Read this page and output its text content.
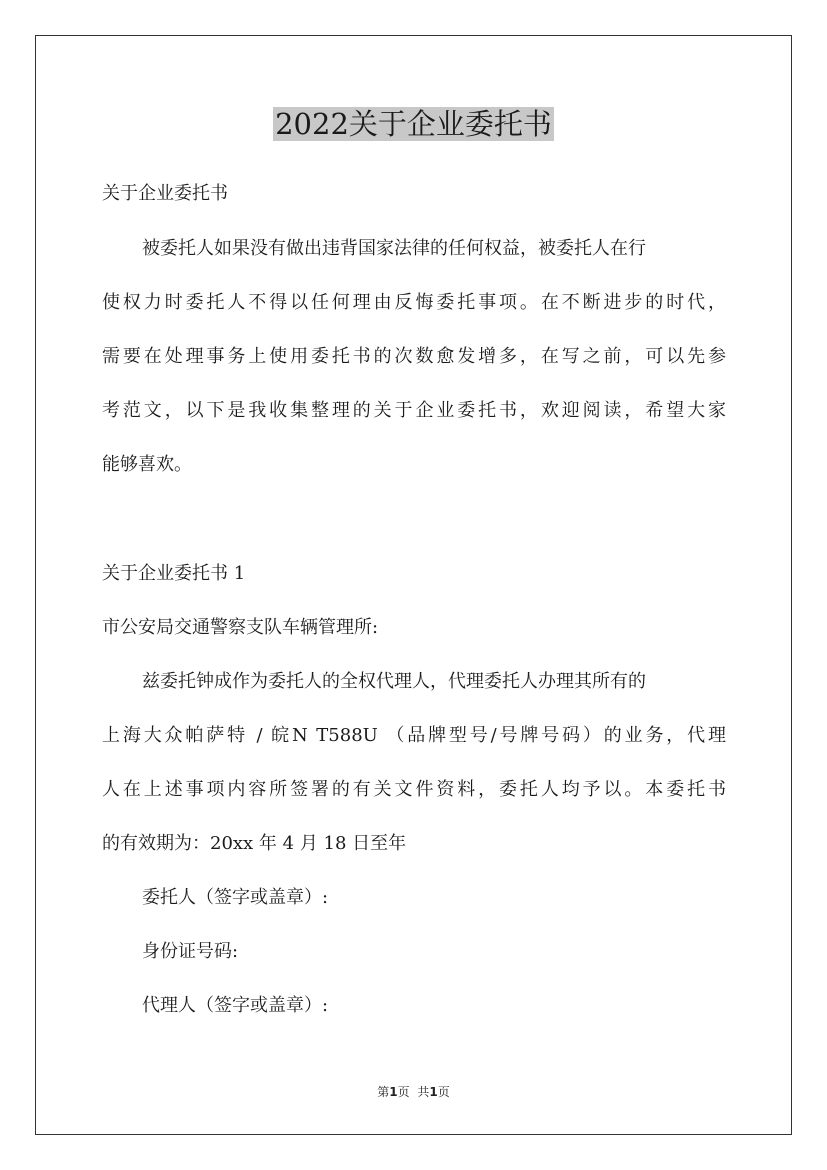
2022关于企业委托书

关于企业委托书

被委托人如果没有做出违背国家法律的任何权益，被委托人在行

使权力时委托人不得以任何理由反悔委托事项。在不断进步的时代，

需要在处理事务上使用委托书的次数愈发增多，在写之前，可以先参

考范文，以下是我收集整理的关于企业委托书，欢迎阅读，希望大家

能够喜欢。

关于企业委托书 1

市公安局交通警察支队车辆管理所:

兹委托钟成作为委托人的全权代理人，代理委托人办理其所有的

上海大众帕萨特 / 皖N T588U （品牌型号/号牌号码）的业务，代理

人在上述事项内容所签署的有关文件资料，委托人均予以。本委托书

的有效期为：20xx 年 4 月 18 日至年

委托人（签字或盖章）:

身份证号码:

代理人（签字或盖章）:

第1页 共1页
